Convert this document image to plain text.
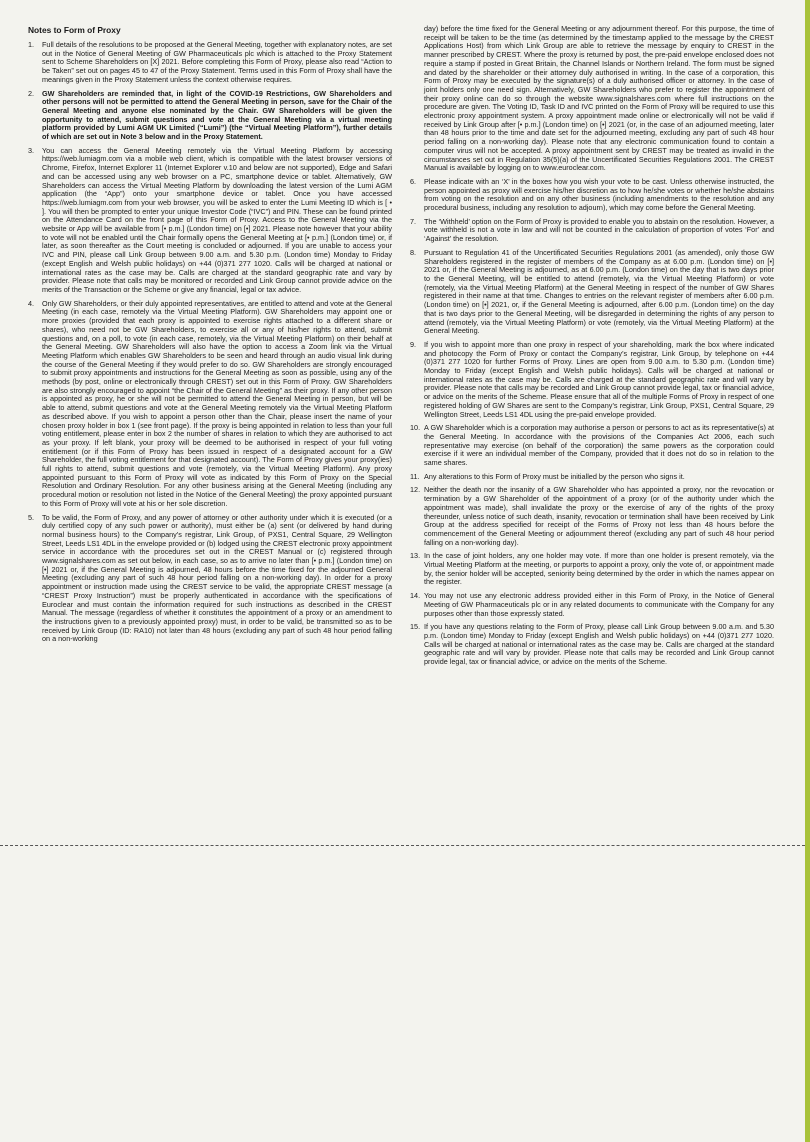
Notes to Form of Proxy
1.	Full details of the resolutions to be proposed at the General Meeting, together with explanatory notes, are set out in the Notice of General Meeting of GW Pharmaceuticals plc which is attached to the Proxy Statement sent to Scheme Shareholders on [X] 2021. Before completing this Form of Proxy, please also read “Action to be Taken” set out on pages 45 to 47 of the Proxy Statement. Terms used in this Form of Proxy shall have the meanings given in the Proxy Statement unless the context otherwise requires.
2.	GW Shareholders are reminded that, in light of the COVID-19 Restrictions, GW Shareholders and other persons will not be permitted to attend the General Meeting in person, save for the Chair of the General Meeting and anyone else nominated by the Chair. GW Shareholders will be given the opportunity to attend, submit questions and vote at the General Meeting via a virtual meeting platform provided by Lumi AGM UK Limited (“Lumi”) (the “Virtual Meeting Platform”), further details of which are set out in Note 3 below and in the Proxy Statement.
3.	You can access the General Meeting remotely via the Virtual Meeting Platform by accessing https://web.lumiagm.com via a mobile web client, which is compatible with the latest browser versions of Chrome, Firefox, Internet Explorer 11 (Internet Explorer v.10 and below are not supported), Edge and Safari and can be accessed using any web browser on a PC, smartphone device or tablet. Alternatively, GW Shareholders can access the Virtual Meeting Platform by downloading the latest version of the Lumi AGM application (the “App”) onto your smartphone device or tablet. Once you have accessed https://web.lumiagm.com from your web browser, you will be asked to enter the Lumi Meeting ID which is [ • ]. You will then be prompted to enter your unique Investor Code (“IVC”) and PIN. These can be found printed on the Attendance Card on the front page of this Form of Proxy. Access to the General Meeting via the website or App will be available from [• p.m.] (London time) on [•] 2021. Please note however that your ability to vote will not be enabled until the Chair formally opens the General Meeting at [• p.m.] (London time) or, if later, as soon thereafter as the Court meeting is concluded or adjourned. If you are unable to access your IVC and PIN, please call Link Group between 9.00 a.m. and 5.30 p.m. (London time) Monday to Friday (except English and Welsh public holidays) on +44 (0)371 277 1020. Calls will be charged at national or international rates as the case may be. Calls are charged at the standard geographic rate and vary by provider. Please note that calls may be monitored or recorded and Link Group cannot provide advice on the merits of the Transaction or the Scheme or give any financial, legal or tax advice.
4.	Only GW Shareholders, or their duly appointed representatives, are entitled to attend and vote at the General Meeting (in each case, remotely via the Virtual Meeting Platform). GW Shareholders may appoint one or more proxies (provided that each proxy is appointed to exercise rights attached to a different share or shares), who need not be GW Shareholders, to exercise all or any of his/her rights to attend, submit questions and, on a poll, to vote (in each case, remotely, via the Virtual Meeting Platform) on their behalf at the General Meeting. GW Shareholders will also have the option to access a Zoom link via the Virtual Meeting Platform which enables GW Shareholders to be seen and heard through an audio visual link during the course of the General Meeting if they would prefer to do so. GW Shareholders are strongly encouraged to submit proxy appointments and instructions for the General Meeting as soon as possible, using any of the methods (by post, online or electronically through CREST) set out in this Form of Proxy. GW Shareholders are also strongly encouraged to appoint “the Chair of the General Meeting” as their proxy. If any other person is appointed as proxy, he or she will not be permitted to attend the General Meeting in person, but will be able to attend, submit questions and vote at the General Meeting remotely via the Virtual Meeting Platform as described above. If you wish to appoint a person other than the Chair, please insert the name of your chosen proxy holder in box 1 (see front page). If the proxy is being appointed in relation to less than your full voting entitlement, please enter in box 2 the number of shares in relation to which they are authorised to act as your proxy. If left blank, your proxy will be deemed to be authorised in respect of your full voting entitlement (or if this Form of Proxy has been issued in respect of a designated account for a GW Shareholder, the full voting entitlement for that designated account). The Form of Proxy gives your proxy(ies) full rights to attend, submit questions and vote (remotely, via the Virtual Meeting Platform). Any proxy appointed pursuant to this Form of Proxy will vote as indicated by this Form of Proxy on the Special Resolution and Ordinary Resolution. For any other business arising at the General Meeting (including any procedural motion or resolution not listed in the Notice of the General Meeting) the proxy appointed pursuant to this Form of Proxy will vote at his or her sole discretion.
5.	To be valid, the Form of Proxy, and any power of attorney or other authority under which it is executed (or a duly certified copy of any such power or authority), must either be (a) sent (or delivered by hand during normal business hours) to the Company’s registrar, Link Group, of PXS1, Central Square, 29 Wellington Street, Leeds LS1 4DL in the envelope provided or (b) lodged using the CREST electronic proxy appointment service in accordance with the procedures set out in the CREST Manual or (c) registered through www.signalshares.com as set out below, in each case, so as to arrive no later than [• p.m.] (London time) on [•] 2021 or, if the General Meeting is adjourned, 48 hours before the time fixed for the adjourned General Meeting (excluding any part of such 48 hour period falling on a non-working day). In order for a proxy appointment or instruction made using the CREST service to be valid, the appropriate CREST message (a “CREST Proxy Instruction”) must be properly authenticated in accordance with the specifications of Euroclear and must contain the information required for such instructions as described in the CREST Manual. The message (regardless of whether it constitutes the appointment of a proxy or an amendment to the instructions given to a previously appointed proxy) must, in order to be valid, be transmitted so as to be received by Link Group (ID: RA10) not later than 48 hours (excluding any part of such 48 hour period falling on a non-working
day) before the time fixed for the General Meeting or any adjournment thereof. For this purpose, the time of receipt will be taken to be the time (as determined by the timestamp applied to the message by the CREST Applications Host) from which Link Group are able to retrieve the message by enquiry to CREST in the manner prescribed by CREST. Where the proxy is returned by post, the pre-paid envelope enclosed does not require a stamp if posted in Great Britain, the Channel Islands or Northern Ireland. The form must be signed and dated by the shareholder or their attorney duly authorised in writing. In the case of a corporation, this Form of Proxy may be executed by the signature(s) of a duly authorised officer or attorney. In the case of joint holders only one need sign. Alternatively, GW Shareholders who prefer to register the appointment of their proxy online can do so through the website www.signalshares.com where full instructions on the procedure are given. The Voting ID, Task ID and IVC printed on the Form of Proxy will be required to use this electronic proxy appointment system. A proxy appointment made online or electronically will not be valid if received by Link Group after [• p.m.] (London time) on [•] 2021 (or, in the case of an adjourned meeting, later than 48 hours prior to the time and date set for the adjourned meeting, excluding any part of such 48 hour period falling on a non-working day). Please note that any electronic communication found to contain a computer virus will not be accepted. A proxy appointment sent by CREST may be treated as invalid in the circumstances set out in Regulation 35(5)(a) of the Uncertificated Securities Regulations 2001. The CREST Manual is available by logging on to www.euroclear.com.
6.	Please indicate with an ‘X’ in the boxes how you wish your vote to be cast. Unless otherwise instructed, the person appointed as proxy will exercise his/her discretion as to how he/she votes or whether he/she abstains from voting on the resolution and on any other business (including amendments to the resolution and any procedural business, including any resolution to adjourn), which may come before the General Meeting.
7.	The ‘Withheld’ option on the Form of Proxy is provided to enable you to abstain on the resolution. However, a vote withheld is not a vote in law and will not be counted in the calculation of proportion of votes ‘For’ and ‘Against’ the resolution.
8.	Pursuant to Regulation 41 of the Uncertificated Securities Regulations 2001 (as amended), only those GW Shareholders registered in the register of members of the Company as at 6.00 p.m. (London time) on [•] 2021 or, if the General Meeting is adjourned, as at 6.00 p.m. (London time) on the day that is two days prior to the General Meeting, will be entitled to attend (remotely, via the Virtual Meeting Platform) or vote (remotely, via the Virtual Meeting Platform) at the General Meeting in respect of the number of GW Shares registered in their name at that time. Changes to entries on the relevant register of members after 6.00 p.m. (London time) on [•] 2021, or, if the General Meeting is adjourned, after 6.00 p.m. (London time) on the day that is two days prior to the General Meeting, will be disregarded in determining the rights of any person to attend (remotely, via the Virtual Meeting Platform) or vote (remotely, via the Virtual Meeting Platform) at the General Meeting.
9.	If you wish to appoint more than one proxy in respect of your shareholding, mark the box where indicated and photocopy the Form of Proxy or contact the Company’s registrar, Link Group, by telephone on +44 (0)371 277 1020 for further Forms of Proxy. Lines are open from 9.00 a.m. to 5.30 p.m. (London time) Monday to Friday (except English and Welsh public holidays). Calls will be charged at national or international rates as the case may be. Calls are charged at the standard geographic rate and will vary by provider. Please note that calls may be recorded and Link Group cannot provide legal, tax or financial advice, or advice on the merits of the Scheme. Please ensure that all of the multiple Forms of Proxy in respect of one registered holding of GW Shares are sent to the Company’s registrar, Link Group, PXS1, Central Square, 29 Wellington Street, Leeds LS1 4DL using the pre-paid envelope provided.
10. A GW Shareholder which is a corporation may authorise a person or persons to act as its representative(s) at the General Meeting. In accordance with the provisions of the Companies Act 2006, each such representative may exercise (on behalf of the corporation) the same powers as the corporation could exercise if it were an individual member of the Company, provided that it does not do so in relation to the same shares.
11. Any alterations to this Form of Proxy must be initialled by the person who signs it.
12. Neither the death nor the insanity of a GW Shareholder who has appointed a proxy, nor the revocation or termination by a GW Shareholder of the appointment of a proxy (or of the authority under which the appointment was made), shall invalidate the proxy or the exercise of any of the rights of the proxy thereunder, unless notice of such death, insanity, revocation or termination shall have been received by Link Group at the address specified for receipt of the Forms of Proxy not less than 48 hours before the commencement of the General Meeting or adjournment thereof (excluding any part of such 48 hour period falling on a non-working day).
13. In the case of joint holders, any one holder may vote. If more than one holder is present remotely, via the Virtual Meeting Platform at the meeting, or purports to appoint a proxy, only the vote of, or appointment made by, the senior holder will be accepted, seniority being determined by the order in which the names appear on the register.
14. You may not use any electronic address provided either in this Form of Proxy, in the Notice of General Meeting of GW Pharmaceuticals plc or in any related documents to communicate with the Company for any purposes other than those expressly stated.
15. If you have any questions relating to the Form of Proxy, please call Link Group between 9.00 a.m. and 5.30 p.m. (London time) Monday to Friday (except English and Welsh public holidays) on +44 (0)371 277 1020. Calls will be charged at national or international rates as the case may be. Calls are charged at the standard geographic rate and will vary by provider. Please note that calls may be recorded and Link Group cannot provide legal, tax or financial advice, or advice on the merits of the Scheme.
